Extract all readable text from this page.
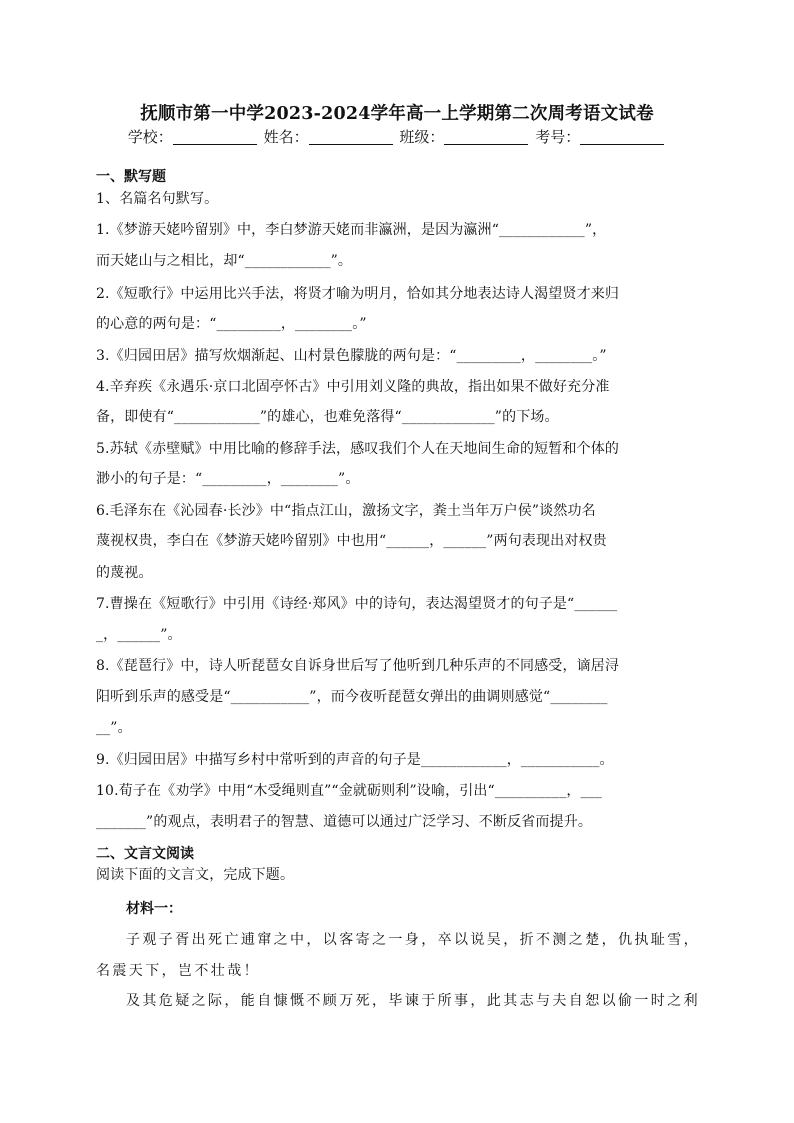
抚顺市第一中学2023-2024学年高一上学期第二次周考语文试卷
学校：	姓名：	班级：	考号：
一、默写题
1、名篇名句默写。
1.《梦游天姥吟留别》中，李白梦游天姥而非瀛洲，是因为瀛洲“____________”，
而天姥山与之相比，却“____________”。
2.《短歌行》中运用比兴手法，将贤才喻为明月，恰如其分地表达诗人渴望贤才来归
的心意的两句是：“_________，________。”
3.《归园田居》描写炊烟渐起、山村景色朦胧的两句是：“_________，________。”
4.辛弃疾《永遇乐·京口北固亭怀古》中引用刘义隆的典故，指出如果不做好充分准
备，即使有“____________”的雄心，也难免落得“_____________”的下场。
5.苏轼《赤壁赋》中用比喻的修辞手法，感叹我们个人在天地间生命的短暂和个体的
渺小的句子是：“_________，________”。
6.毛泽东在《沁园春·长沙》中“指点江山，激扬文字，粪土当年万户侯”谈然功名
蔑视权贵，李白在《梦游天姥吟留别》中也用“______，______”两句表现出对权贵
的蔑视。
7.曹操在《短歌行》中引用《诗经·郑风》中的诗句，表达渴望贤才的句子是“______
_，______”。
8.《琵琶行》中，诗人听琵琶女自诉身世后写了他听到几种乐声的不同感受，谪居浔
阳听到乐声的感受是“___________”，而今夜听琵琶女弹出的曲调则感觉“________
__”。
9.《归园田居》中描写乡村中常听到的声音的句子是____________，___________。
10.荀子在《劝学》中用“木受绳则直”“金就砺则利”设喻，引出“__________，___
_______”的观点，表明君子的智慧、道德可以通过广泛学习、不断反省而提升。
二、文言文阅读
阅读下面的文言文，完成下题。
材料一：
子观子胥出死亡逋窜之中，以客寄之一身，卒以说吴，折不测之楚，仇执耻雪，
名震天下，岂不壮哉！
及其危疑之际，能自慷慨不顾万死，毕谏于所事，此其志与夫自恕以偷一时之利
